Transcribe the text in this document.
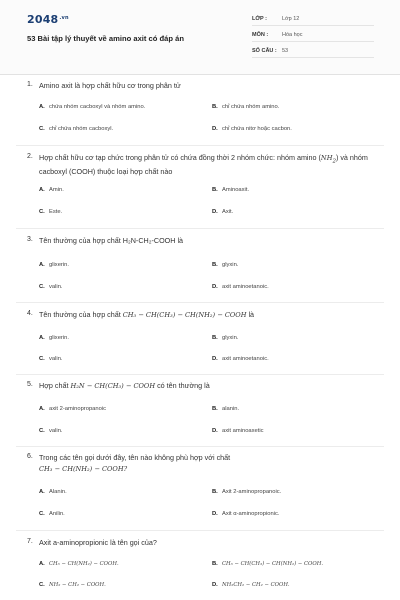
$2048^{.vn}$
53 Bài tập lý thuyết về amino axit có đáp án
LỚP :	Lớp 12
MÔN :	Hóa học
SỐ CÂU : 53
1. Amino axit là hợp chất hữu cơ trong phân tử
A. chứa nhóm cacboxyl và nhóm amino.	B. chỉ chứa nhóm amino.
C. chỉ chứa nhóm cacboxyl.	D. chỉ chứa nitơ hoặc cacbon.
2. Hợp chất hữu cơ tạp chức trong phân tử có chứa đồng thời 2 nhóm chức: nhóm amino $(NH_2)$ và nhóm cacboxyl (COOH) thuộc loại hợp chất nào
A. Amin.	B. Aminoaxit.
C. Este.	D. Axit.
3. Tên thường của hợp chất H₂N-CH₂-COOH là
A. glixerin.	B. glyxin.
C. valin.	D. axit aminoetanoic.
4. Tên thường của hợp chất CH₃ − CH(CH₃) − CH(NH₂) − COOH là
A. glixerin.	B. glyxin.
C. valin.	D. axit aminoetanoic.
5. Hợp chất H₂N − CH(CH₃) − COOH có tên thường là
A. axit 2-aminopropanoic	B. alanin.
C. valin.	D. axit aminoaxetic
6. Trong các tên gọi dưới đây, tên nào không phù hợp với chất
CH₃ − CH(NH₂) − COOH?
A. Alanin.	B. Axit 2-aminopropanoic.
C. Anilin.	D. Axit α-aminopropionic.
7. Axit a-aminopropionic là tên gọi của?
A. CH₃ − CH(NH₂) − COOH.	B. CH₃ − CH(CH₃) − CH(NH₂) − COOH.
C. NH₂ − CH₂ − COOH.	D. NH₂CH₂ − CH₂ − COOH.
